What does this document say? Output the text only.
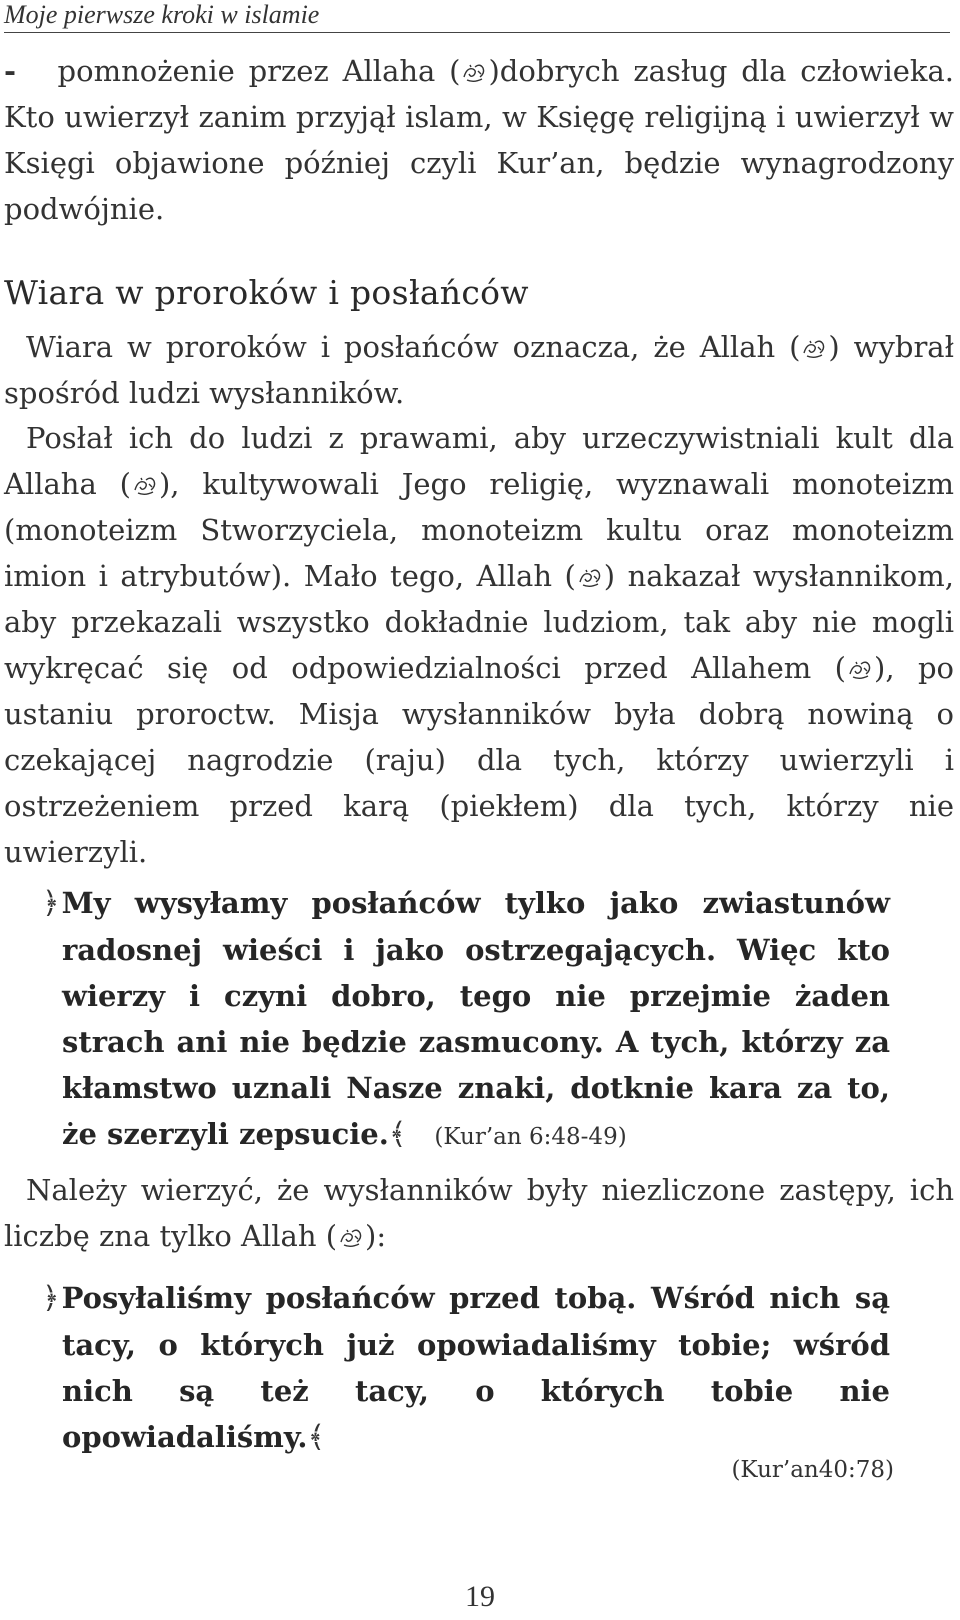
Moje pierwsze kroki w islamie

- pomnożenie przez Allaha ( )dobrych zasług dla człowieka. Kto uwierzył zanim przyjął islam, w Księgę religijną i uwierzył w Księgi objawione później czyli Kur’an, będzie wynagrodzony podwójnie.

Wiara w proroków i posłańców

Wiara w proroków i posłańców oznacza, że Allah ( ) wybrał spośród ludzi wysłanników.

Posłał ich do ludzi z prawami, aby urzeczywistniali kult dla Allaha ( ), kultywowali Jego religię, wyznawali monoteizm (monoteizm Stworzyciela, monoteizm kultu oraz monoteizm imion i atrybutów). Mało tego, Allah ( ) nakazał wysłannikom, aby przekazali wszystko dokładnie ludziom, tak aby nie mogli wykręcać się od odpowiedzialności przed Allahem ( ), po ustaniu proroctw. Misja wysłanników była dobrą nowiną o czekającej nagrodzie (raju) dla tych, którzy uwierzyli i ostrzeżeniem przed karą (piekłem) dla tych, którzy nie uwierzyli.

﴿My wysyłamy posłańców tylko jako zwiastunów radosnej wieści i jako ostrzegających. Więc kto wierzy i czyni dobro, tego nie przejmie żaden strach ani nie będzie zasmucony. A tych, którzy za kłamstwo uznali Nasze znaki, dotknie kara za to, że szerzyli zepsucie.﴾ (Kur’an 6:48-49)

Należy wierzyć, że wysłanników były niezliczone zastępy, ich liczbę zna tylko Allah ( ):

﴿Posyłaliśmy posłańców przed tobą. Wśród nich są tacy, o których już opowiadaliśmy tobie; wśród nich są też tacy, o których tobie nie opowiadaliśmy.﴾
(Kur’an40:78)
19
